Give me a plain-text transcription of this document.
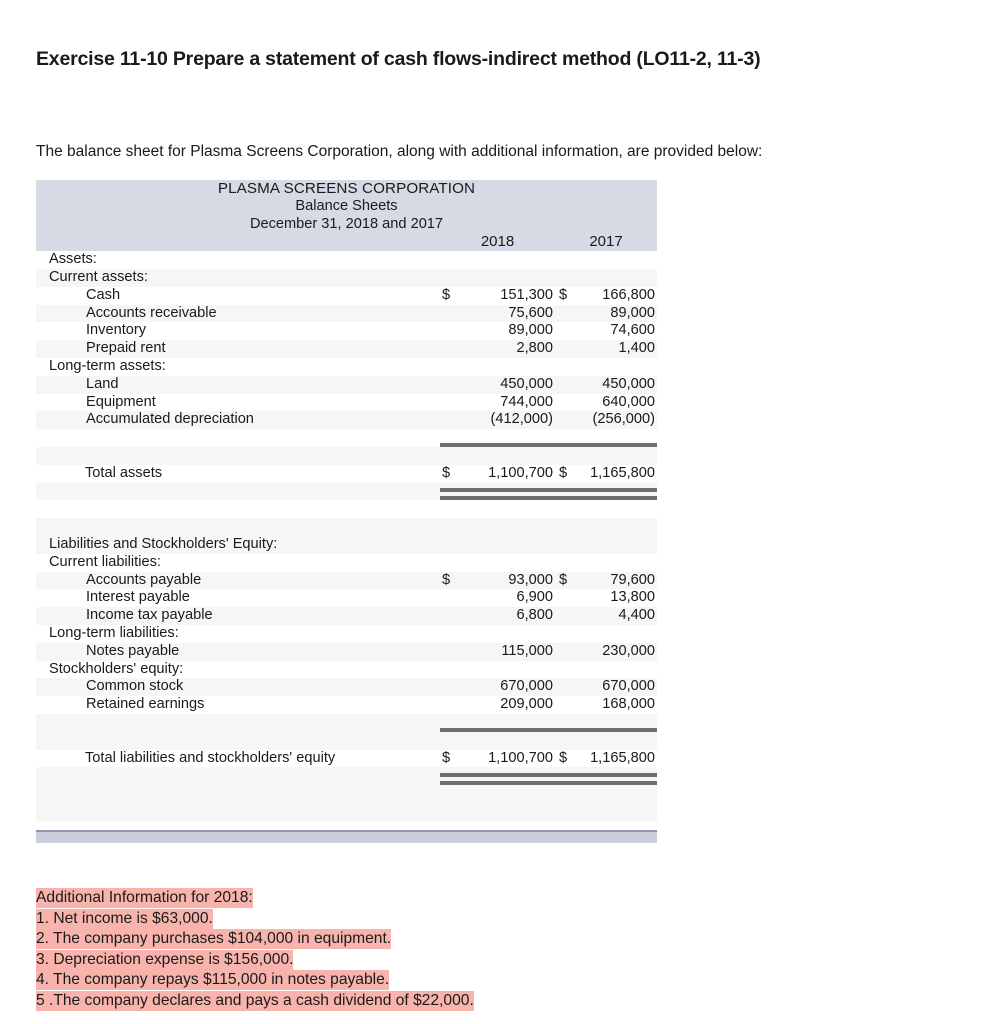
Exercise 11-10 Prepare a statement of cash flows-indirect method (LO11-2, 11-3)
The balance sheet for Plasma Screens Corporation, along with additional information, are provided below:
PLASMA SCREENS CORPORATION				
Balance Sheets				
December 31, 2018 and 2017				
	2018		2017	
Assets:				
Current assets:				
Cash	$	151,300	$	166,800
Accounts receivable		75,600		89,000
Inventory		89,000		74,600
Prepaid rent		2,800		1,400
Long-term assets:				
Land		450,000		450,000
Equipment		744,000		640,000
Accumulated depreciation		(412,000)		(256,000)

Total assets	$	1,100,700	$	1,165,800

Liabilities and Stockholders' Equity:				
Current liabilities:				
Accounts payable	$	93,000	$	79,600
Interest payable		6,900		13,800
Income tax payable		6,800		4,400
Long-term liabilities:				
Notes payable		115,000		230,000
Stockholders' equity:				
Common stock		670,000		670,000
Retained earnings		209,000		168,000

Total liabilities and stockholders' equity	$	1,100,700	$	1,165,800

Additional Information for 2018:
1. Net income is $63,000.
2. The company purchases $104,000 in equipment.
3. Depreciation expense is $156,000.
4. The company repays $115,000 in notes payable.
5 .The company declares and pays a cash dividend of $22,000.
